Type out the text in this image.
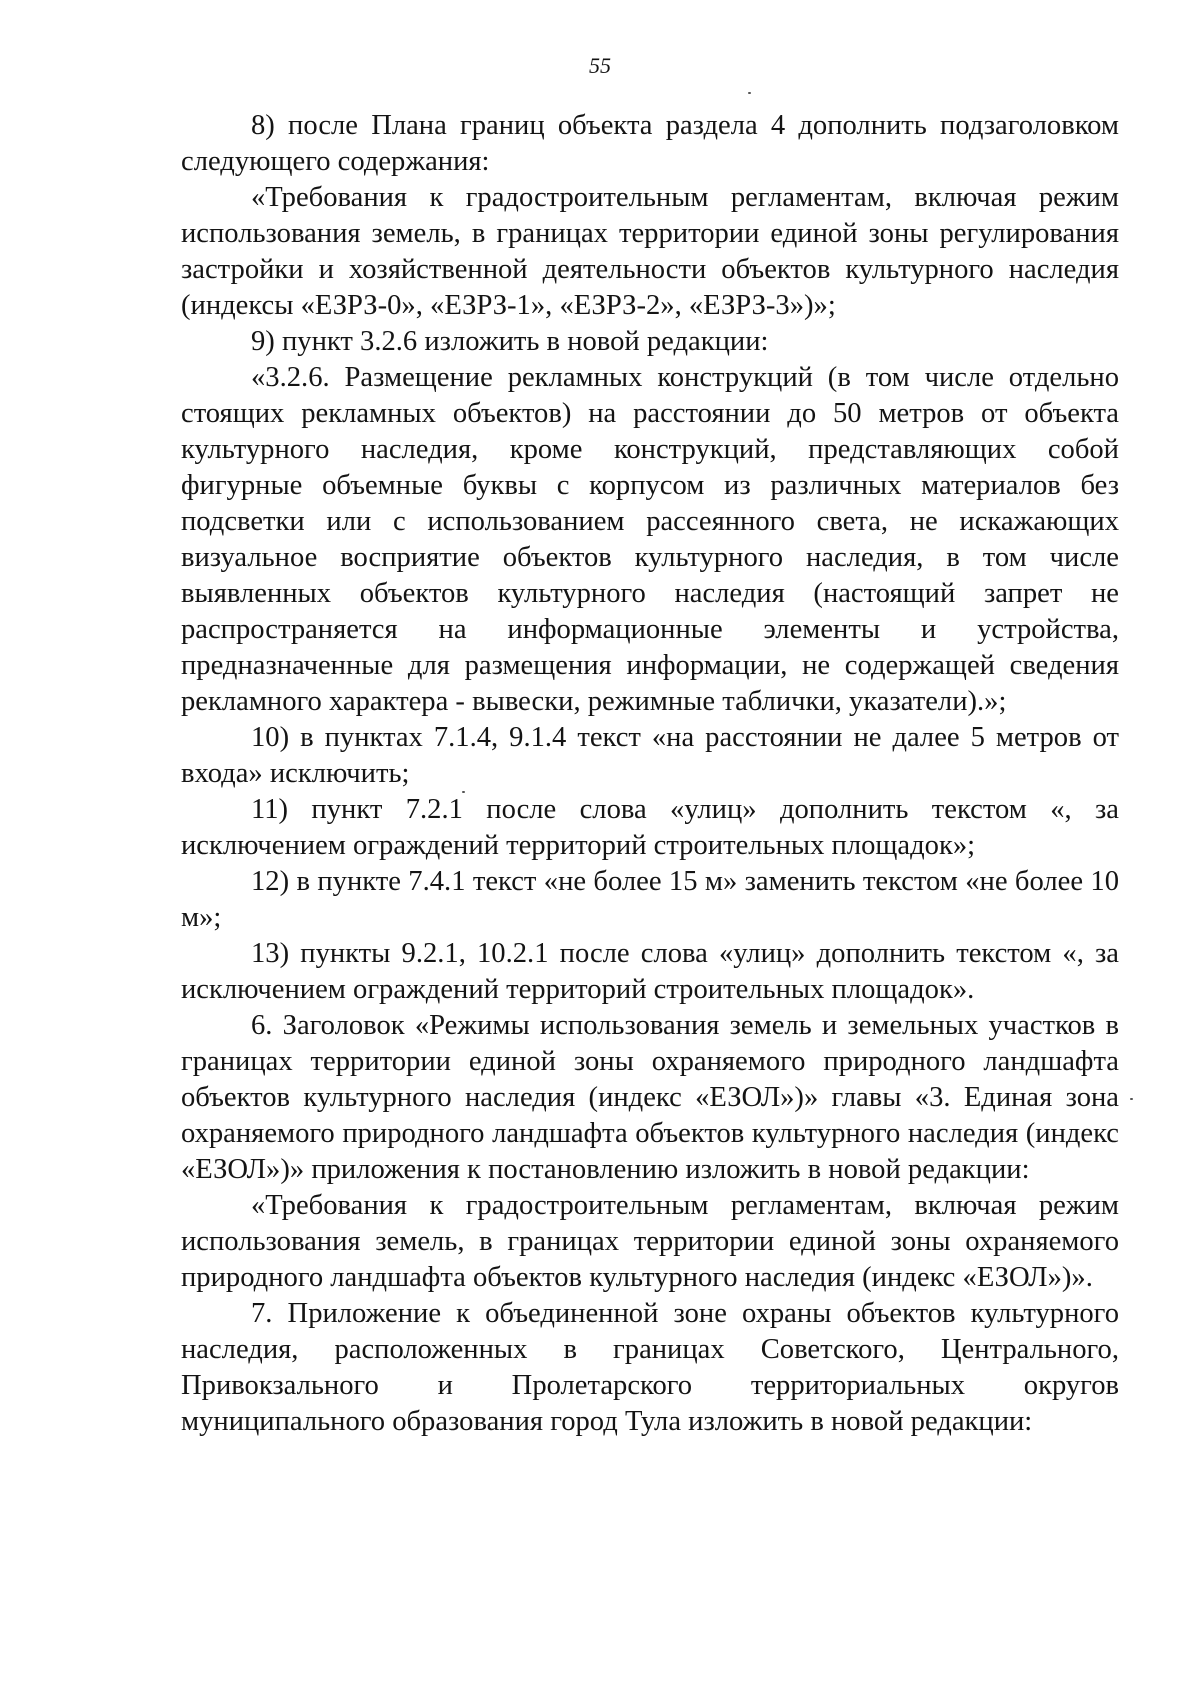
55

8) после Плана границ объекта раздела 4 дополнить подзаголовком следующего содержания:

«Требования к градостроительным регламентам, включая режим использования земель, в границах территории единой зоны регулирования застройки и хозяйственной деятельности объектов культурного наследия (индексы «ЕЗРЗ-0», «ЕЗРЗ-1», «ЕЗРЗ-2», «ЕЗРЗ-3»)»;

9) пункт 3.2.6 изложить в новой редакции:

«3.2.6. Размещение рекламных конструкций (в том числе отдельно стоящих рекламных объектов) на расстоянии до 50 метров от объекта культурного наследия, кроме конструкций, представляющих собой фигурные объемные буквы с корпусом из различных материалов без подсветки или с использованием рассеянного света, не искажающих визуальное восприятие объектов культурного наследия, в том числе выявленных объектов культурного наследия (настоящий запрет не распространяется на информационные элементы и устройства, предназначенные для размещения информации, не содержащей сведения рекламного характера - вывески, режимные таблички, указатели).»;

10) в пунктах 7.1.4, 9.1.4 текст «на расстоянии не далее 5 метров от входа» исключить;

11) пункт 7.2.1 после слова «улиц» дополнить текстом «, за исключением ограждений территорий строительных площадок»;

12) в пункте 7.4.1 текст «не более 15 м» заменить текстом «не более 10 м»;

13) пункты 9.2.1, 10.2.1 после слова «улиц» дополнить текстом «, за исключением ограждений территорий строительных площадок».

6. Заголовок «Режимы использования земель и земельных участков в границах территории единой зоны охраняемого природного ландшафта объектов культурного наследия (индекс «ЕЗОЛ»)» главы «3. Единая зона охраняемого природного ландшафта объектов культурного наследия (индекс «ЕЗОЛ»)» приложения к постановлению изложить в новой редакции:

«Требования к градостроительным регламентам, включая режим использования земель, в границах территории единой зоны охраняемого природного ландшафта объектов культурного наследия (индекс «ЕЗОЛ»)».

7. Приложение к объединенной зоне охраны объектов культурного наследия, расположенных в границах Советского, Центрального, Привокзального и Пролетарского территориальных округов муниципального образования город Тула изложить в новой редакции:
